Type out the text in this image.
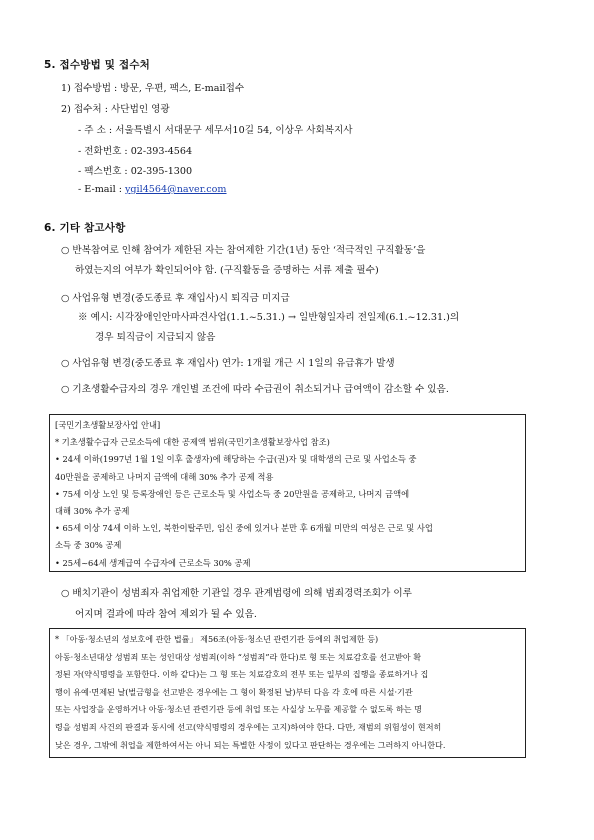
5. 접수방법 및 접수처
1) 접수방법 : 방문, 우편, 팩스, E-mail접수
2) 접수처 : 사단법인 영광
- 주 소 : 서울특별시 서대문구 세무서10길 54, 이상우 사회복지사
- 전화번호 : 02-393-4564
- 팩스번호 : 02-395-1300
- E-mail : ygil4564@naver.com
6. 기타 참고사항
○ 반복참여로 인해 참여가 제한된 자는 참여제한 기간(1년) 동안 ‘적극적인 구직활동’을
하였는지의 여부가 확인되어야 함. (구직활동을 증명하는 서류 제출 필수)
○ 사업유형 변경(중도종료 후 재입사)시 퇴직금 미지급
※ 예시: 시각장애인안마사파견사업(1.1.~5.31.) → 일반형일자리 전일제(6.1.~12.31.)의
경우 퇴직금이 지급되지 않음
○ 사업유형 변경(중도종료 후 재입사) 연가: 1개월 개근 시 1일의 유급휴가 발생
○ 기초생활수급자의 경우 개인별 조건에 따라 수급권이 취소되거나 급여액이 감소할 수 있음.
[국민기초생활보장사업 안내]
* 기초생활수급자 근로소득에 대한 공제액 범위(국민기초생활보장사업 참조)
• 24세 이하(1997년 1월 1일 이후 출생자)에 해당하는 수급(권)자 및 대학생의 근로 및 사업소득 중
40만원을 공제하고 나머지 금액에 대해 30% 추가 공제 적용
• 75세 이상 노인 및 등록장애인 등은 근로소득 및 사업소득 중 20만원을 공제하고, 나머지 금액에
대해 30% 추가 공제
• 65세 이상 74세 이하 노인, 북한이탈주민, 임신 중에 있거나 분만 후 6개월 미만의 여성은 근로 및 사업
소득 중 30% 공제
• 25세~64세 생계급여 수급자에 근로소득 30% 공제
○ 배치기관이 성범죄자 취업제한 기관일 경우 관계법령에 의해 범죄경력조회가 이루
어지며 결과에 따라 참여 제외가 될 수 있음.
* 「아동·청소년의 성보호에 관한 법률」 제56조(아동·청소년 관련기관 등에의 취업제한 등)
아동·청소년대상 성범죄 또는 성인대상 성범죄(이하 “성범죄”라 한다)로 형 또는 치료감호를 선고받아 확
정된 자(약식명령을 포함한다. 이하 같다)는 그 형 또는 치료감호의 전부 또는 일부의 집행을 종료하거나 집
행이 유예·면제된 날(벌금형을 선고받은 경우에는 그 형이 확정된 날)부터 다음 각 호에 따른 시설·기관
또는 사업장을 운영하거나 아동·청소년 관련기관 등에 취업 또는 사실상 노무를 제공할 수 없도록 하는 명
령을 성범죄 사건의 판결과 동시에 선고(약식명령의 경우에는 고지)하여야 한다. 다만, 재범의 위험성이 현저히
낮은 경우, 그밖에 취업을 제한하여서는 아니 되는 특별한 사정이 있다고 판단하는 경우에는 그러하지 아니한다.
